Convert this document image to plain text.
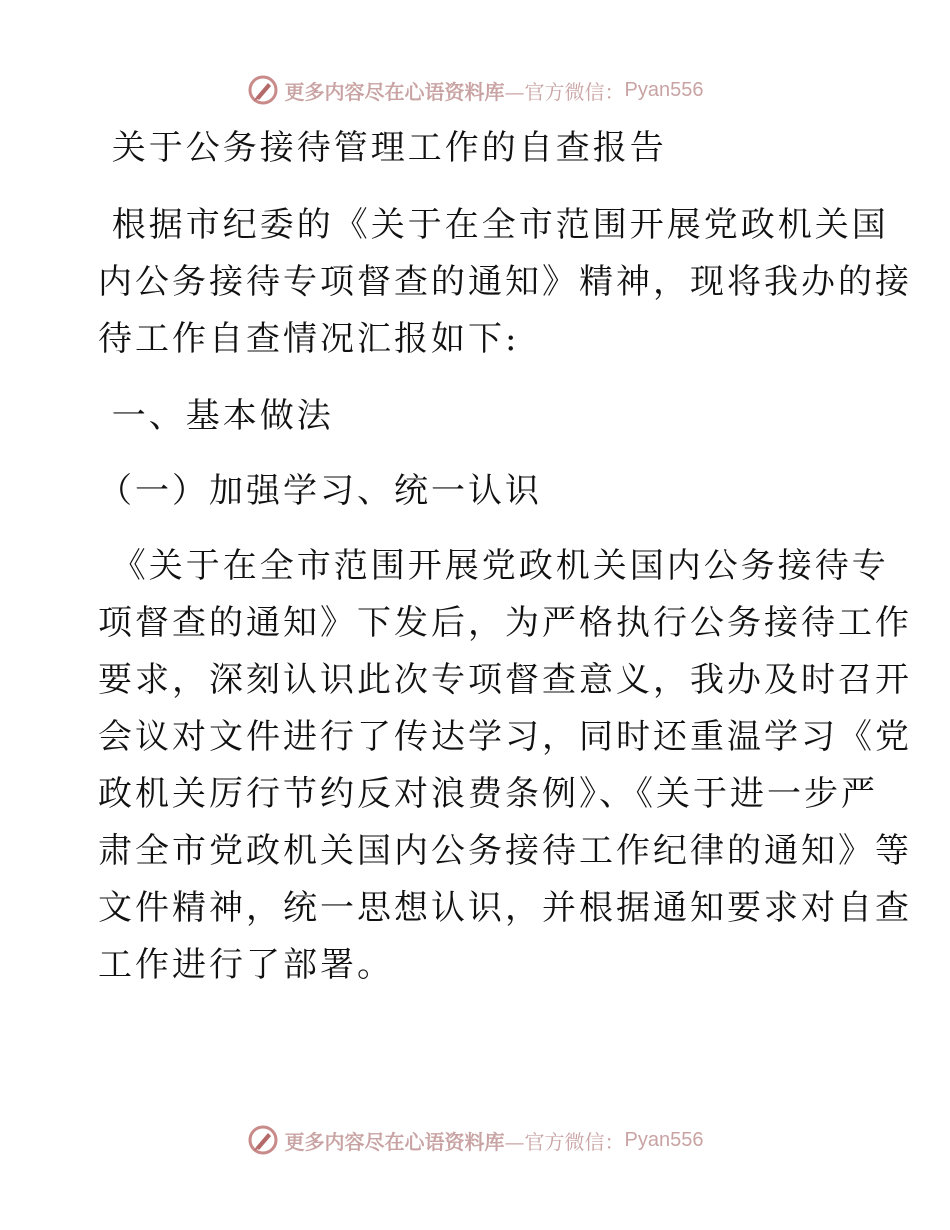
更多内容尽在心语资料库 —官方微信： Pyan556

关于公务接待管理工作的自查报告

根据市纪委的《关于在全市范围开展党政机关国

内公务接待专项督查的通知》精神，现将我办的接

待工作自查情况汇报如下:

一、基本做法

（一）加强学习、统一认识

《关于在全市范围开展党政机关国内公务接待专

项督查的通知》下发后，为严格执行公务接待工作

要求，深刻认识此次专项督查意义，我办及时召开

会议对文件进行了传达学习，同时还重温学习《党

政机关厉行节约反对浪费条例》、《关于进一步严

肃全市党政机关国内公务接待工作纪律的通知》等

文件精神，统一思想认识，并根据通知要求对自查

工作进行了部署。

更多内容尽在心语资料库 —官方微信： Pyan556
